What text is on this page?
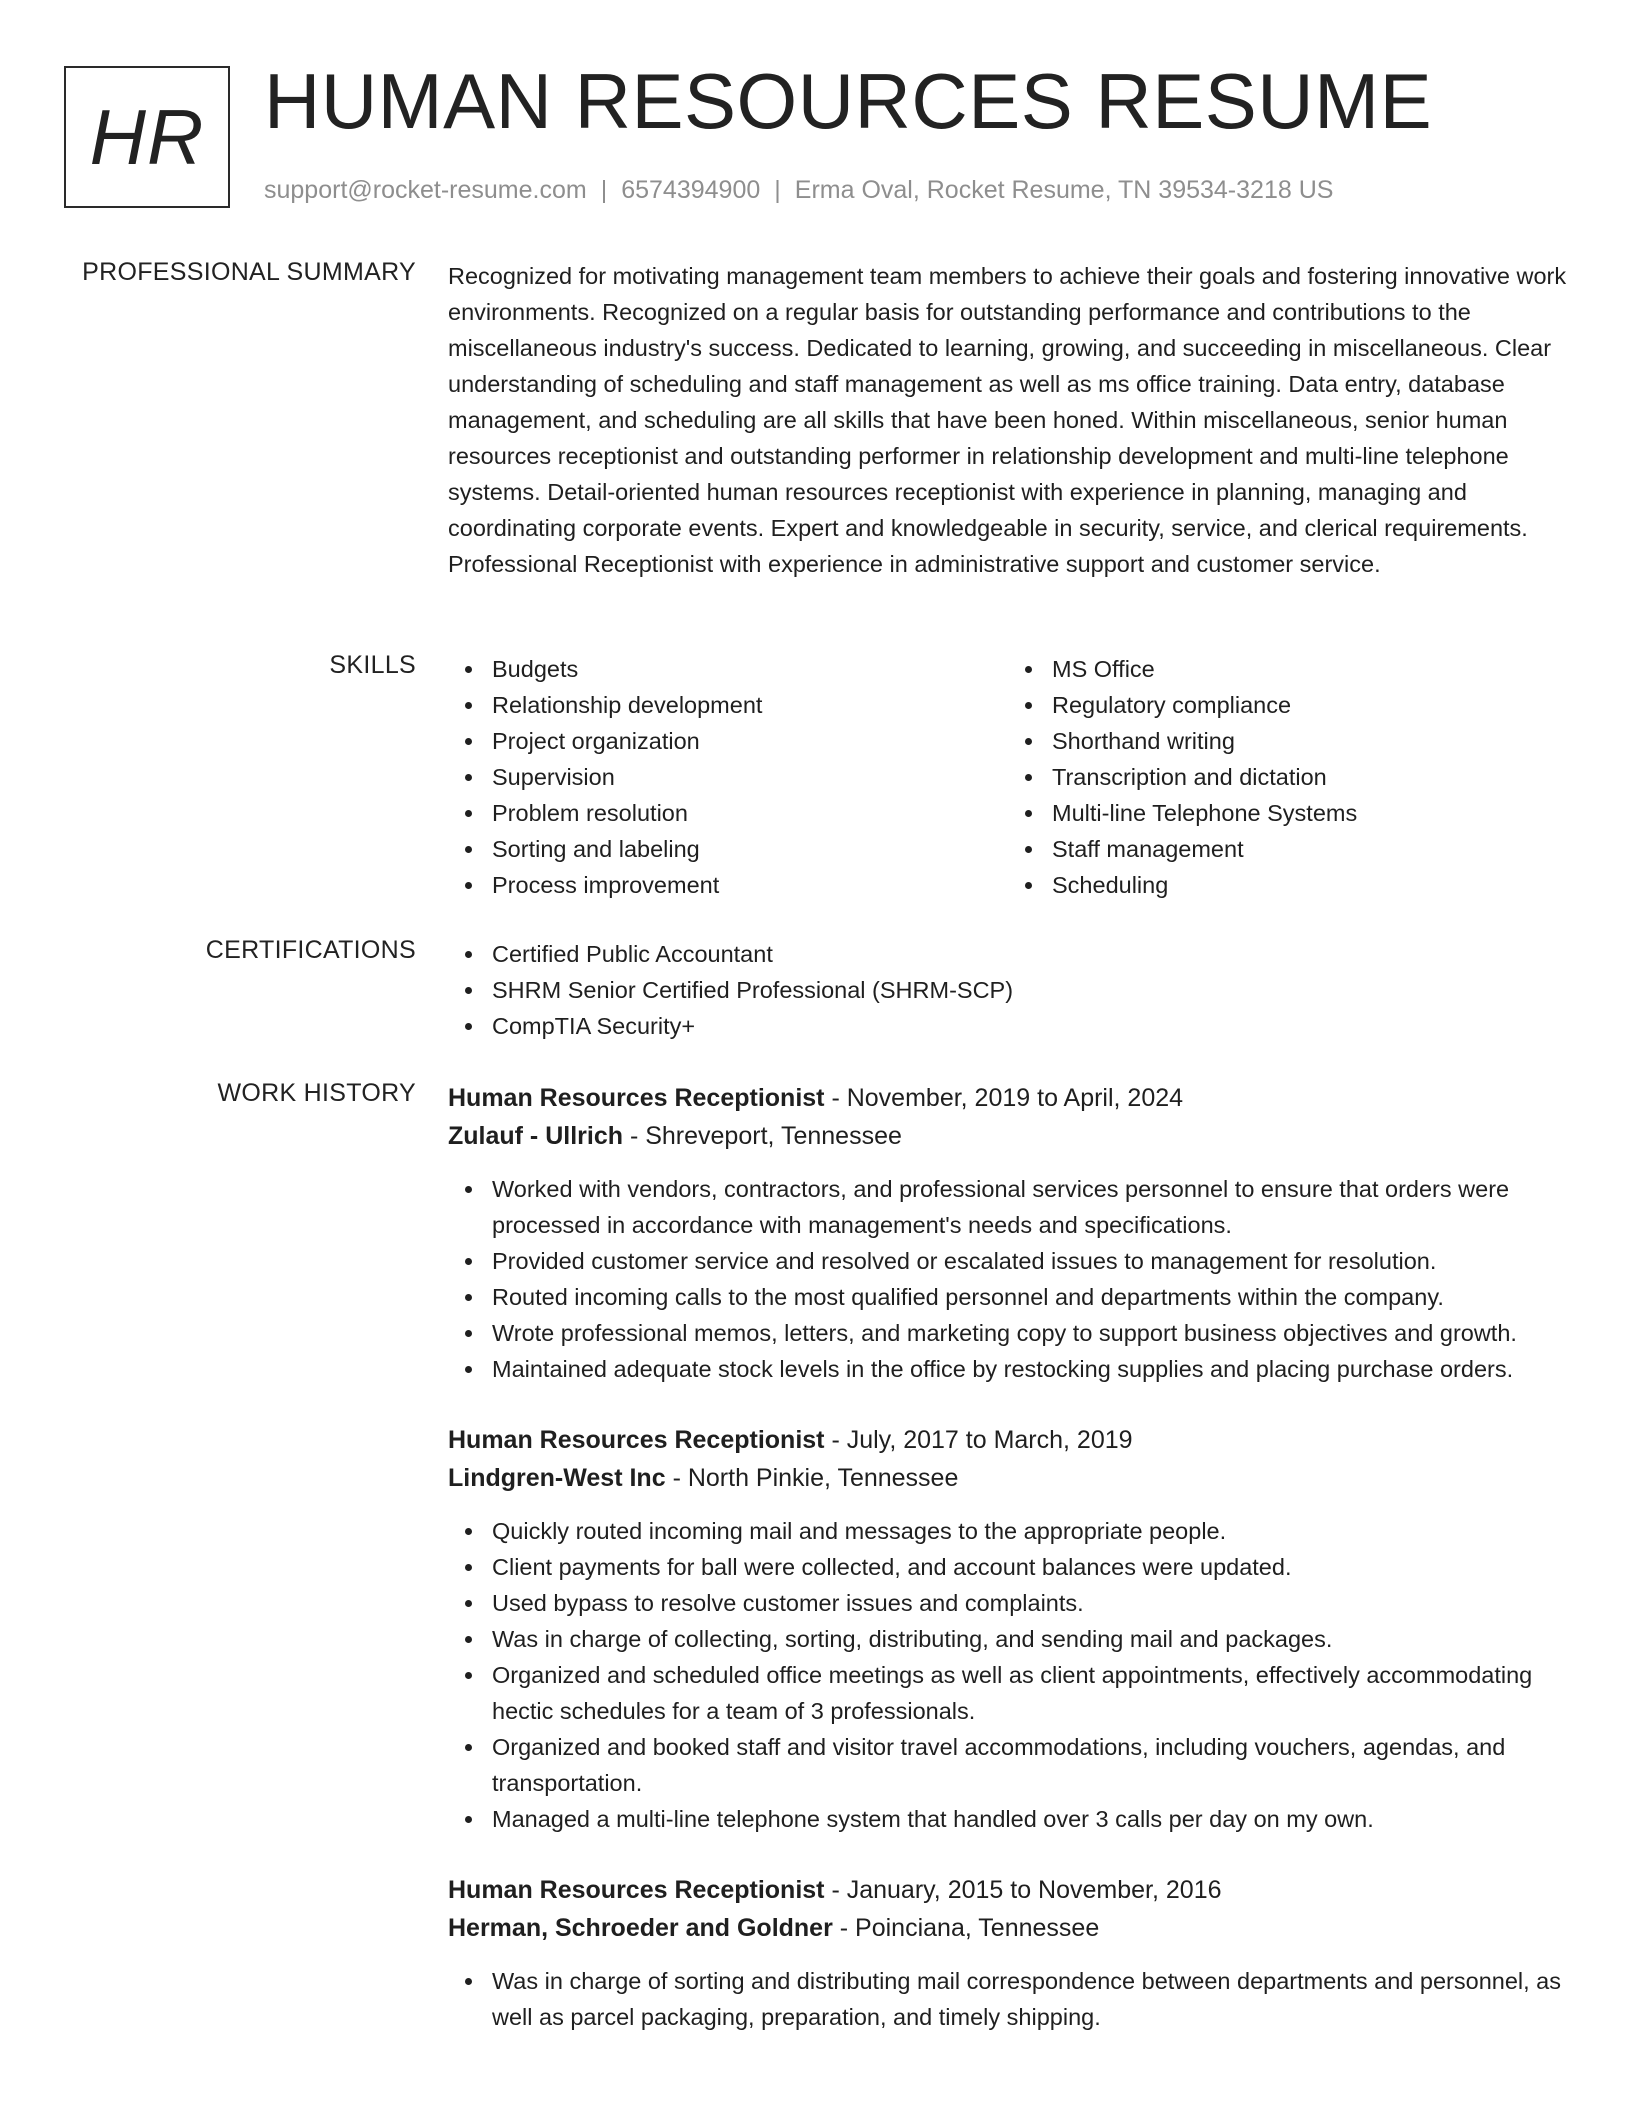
HR HUMAN RESOURCES RESUME
support@rocket-resume.com | 6574394900 | Erma Oval, Rocket Resume, TN 39534-3218 US
PROFESSIONAL SUMMARY Recognized for motivating management team members to achieve their goals and fostering innovative work environments. Recognized on a regular basis for outstanding performance and contributions to the miscellaneous industry's success. Dedicated to learning, growing, and succeeding in miscellaneous. Clear understanding of scheduling and staff management as well as ms office training. Data entry, database management, and scheduling are all skills that have been honed. Within miscellaneous, senior human resources receptionist and outstanding performer in relationship development and multi-line telephone systems. Detail-oriented human resources receptionist with experience in planning, managing and coordinating corporate events. Expert and knowledgeable in security, service, and clerical requirements. Professional Receptionist with experience in administrative support and customer service.

SKILLS	Budgets
Relationship development
Project organization
Supervision
Problem resolution
Sorting and labeling
Process improvement
MS Office
Regulatory compliance
Shorthand writing
Transcription and dictation
Multi-line Telephone Systems
Staff management
Scheduling
CERTIFICATIONS	Certified Public Accountant
SHRM Senior Certified Professional (SHRM-SCP)
CompTIA Security+
WORK HISTORY Human Resources Receptionist - November, 2019 to April, 2024
Zulauf - Ullrich - Shreveport, Tennessee
Worked with vendors, contractors, and professional services personnel to ensure that orders were processed in accordance with management's needs and specifications.
Provided customer service and resolved or escalated issues to management for resolution.
Routed incoming calls to the most qualified personnel and departments within the company.
Wrote professional memos, letters, and marketing copy to support business objectives and growth.
Maintained adequate stock levels in the office by restocking supplies and placing purchase orders.
Human Resources Receptionist - July, 2017 to March, 2019
Lindgren-West Inc - North Pinkie, Tennessee
Quickly routed incoming mail and messages to the appropriate people.
Client payments for ball were collected, and account balances were updated.
Used bypass to resolve customer issues and complaints.
Was in charge of collecting, sorting, distributing, and sending mail and packages.
Organized and scheduled office meetings as well as client appointments, effectively accommodating hectic schedules for a team of 3 professionals.
Organized and booked staff and visitor travel accommodations, including vouchers, agendas, and transportation.
Managed a multi-line telephone system that handled over 3 calls per day on my own.
Human Resources Receptionist - January, 2015 to November, 2016
Herman, Schroeder and Goldner - Poinciana, Tennessee
Was in charge of sorting and distributing mail correspondence between departments and personnel, as well as parcel packaging, preparation, and timely shipping.
